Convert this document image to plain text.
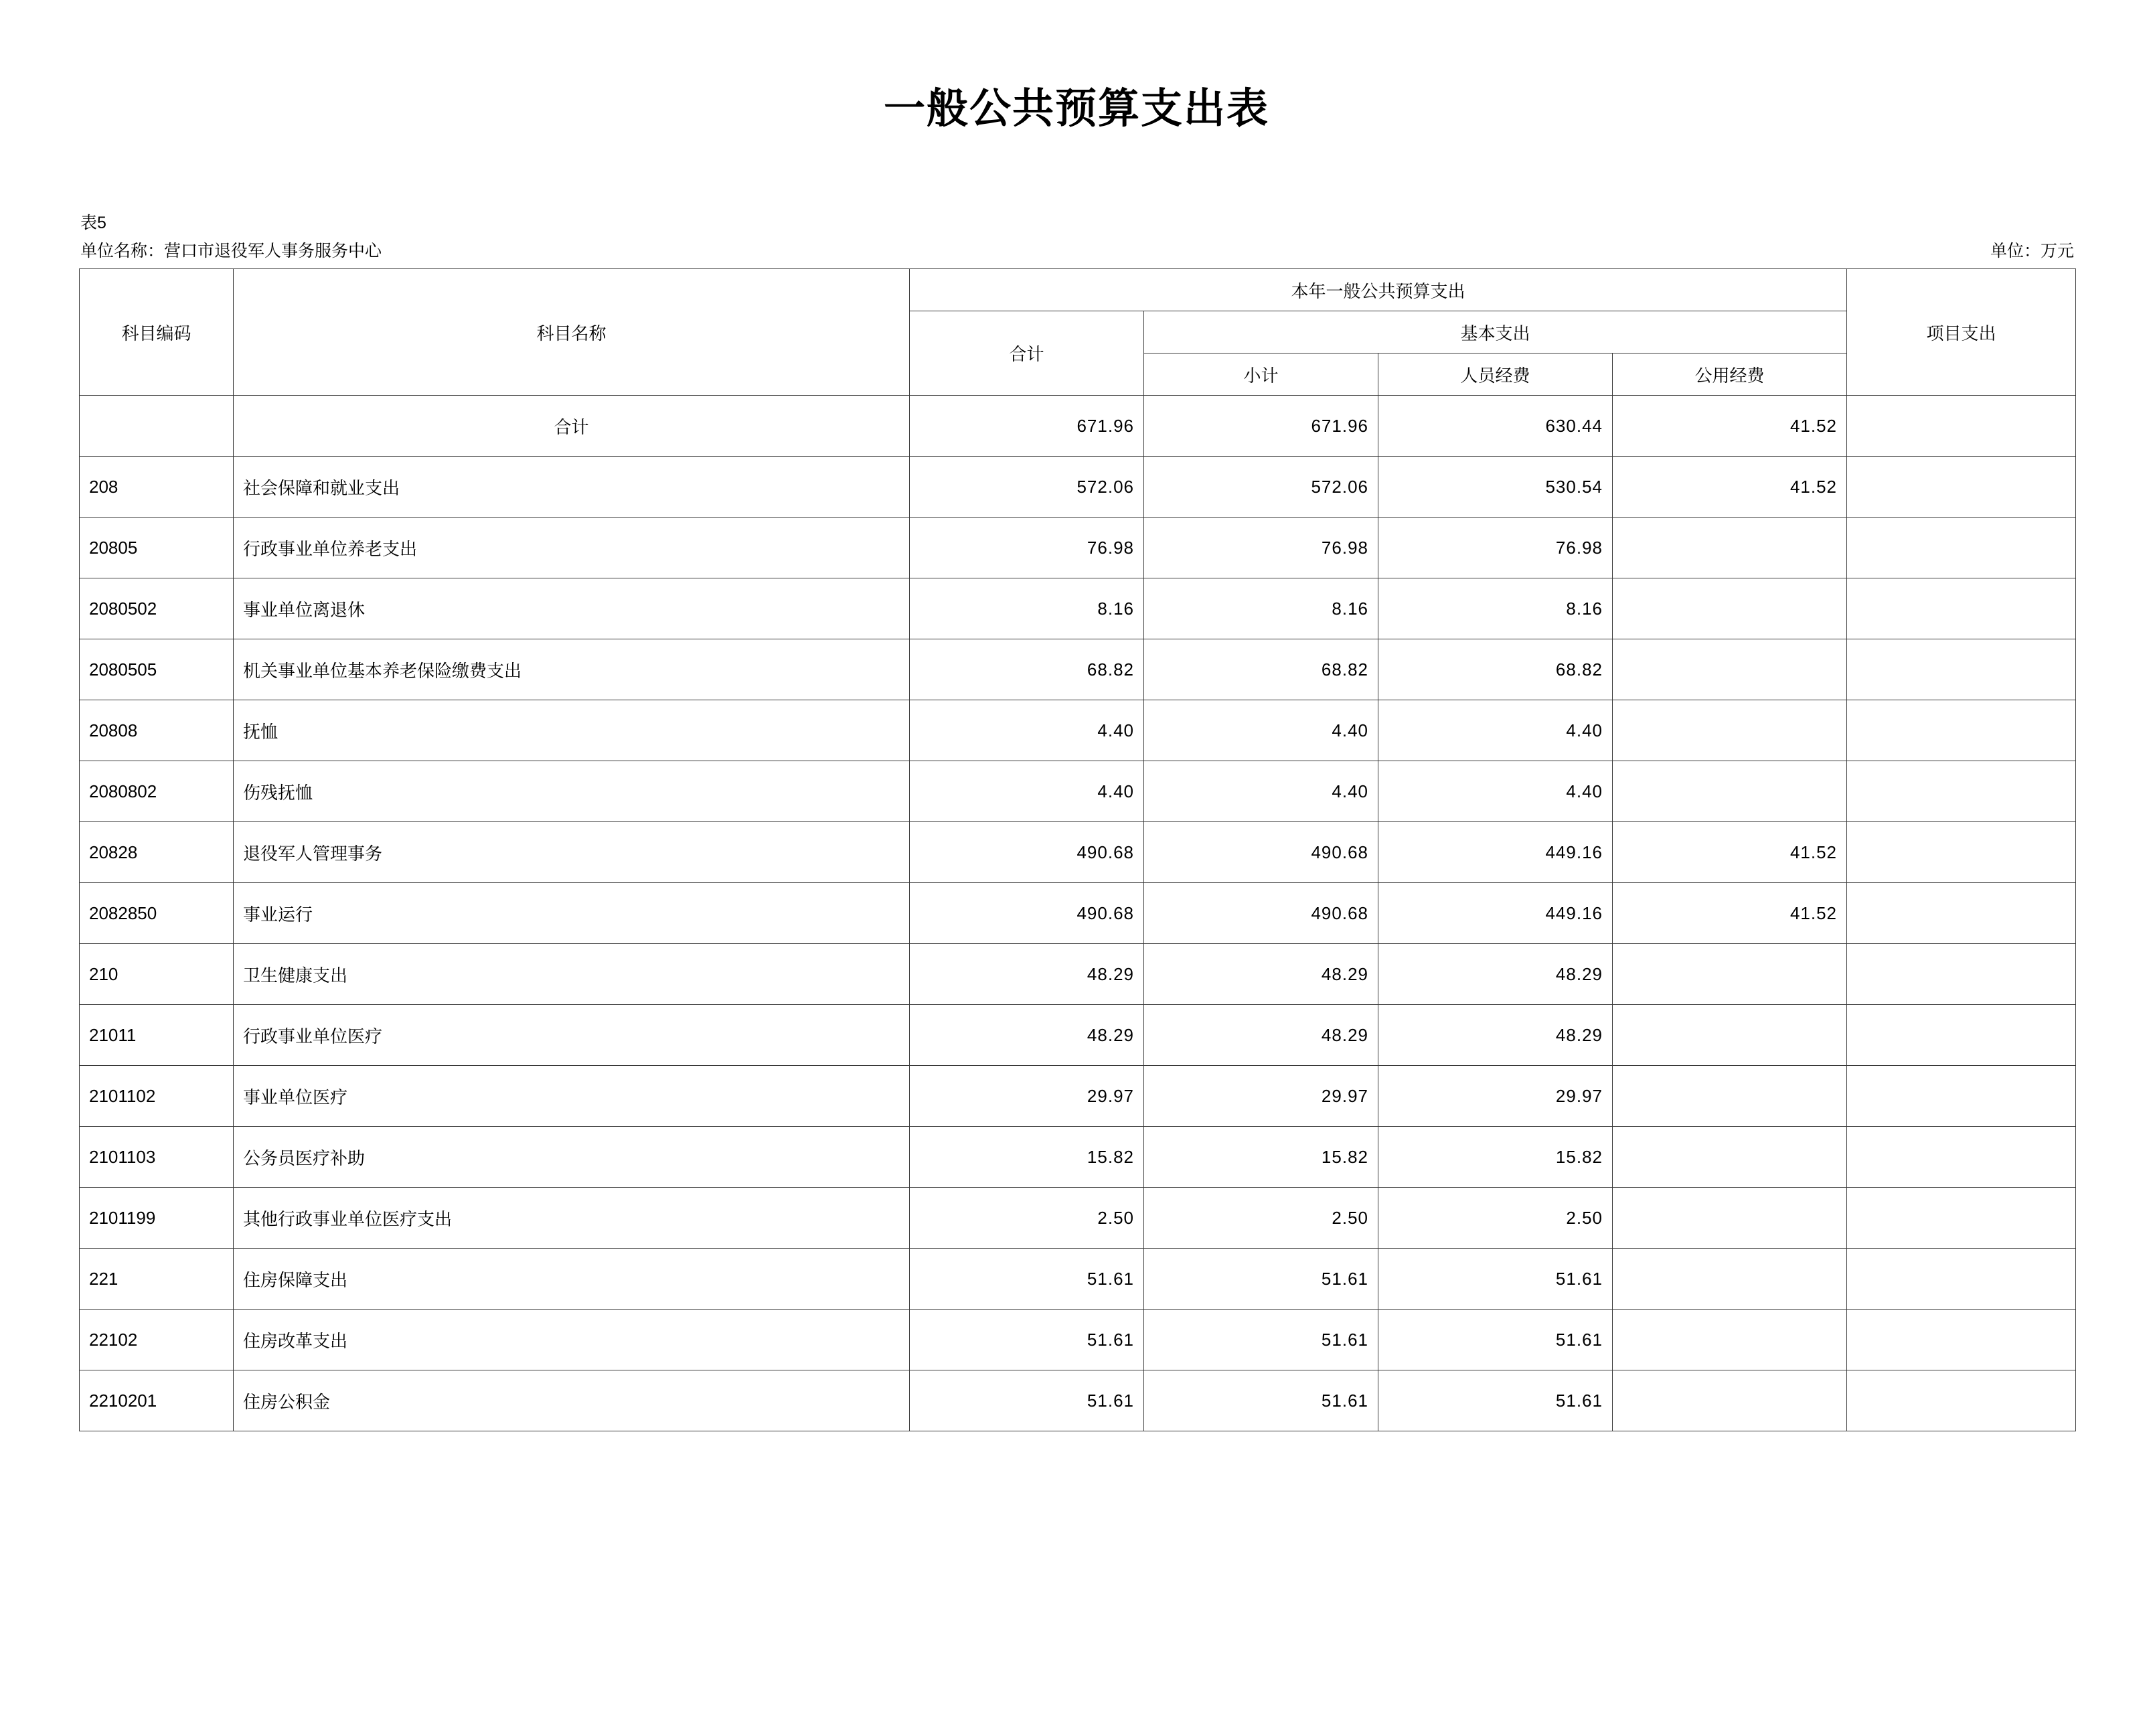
一般公共预算支出表
表5
单位名称：营口市退役军人事务服务中心	单位：万元
科目编码	科目名称	本年一般公共预算支出				项目支出
		合计	基本支出			
			小计	人员经费	公用经费	
	合计	671.96	671.96	630.44	41.52	
208	社会保障和就业支出	572.06	572.06	530.54	41.52	
20805	行政事业单位养老支出	76.98	76.98	76.98		
2080502	事业单位离退休	8.16	8.16	8.16		
2080505	机关事业单位基本养老保险缴费支出	68.82	68.82	68.82		
20808	抚恤	4.40	4.40	4.40		
2080802	伤残抚恤	4.40	4.40	4.40		
20828	退役军人管理事务	490.68	490.68	449.16	41.52	
2082850	事业运行	490.68	490.68	449.16	41.52	
210	卫生健康支出	48.29	48.29	48.29		
21011	行政事业单位医疗	48.29	48.29	48.29		
2101102	事业单位医疗	29.97	29.97	29.97		
2101103	公务员医疗补助	15.82	15.82	15.82		
2101199	其他行政事业单位医疗支出	2.50	2.50	2.50		
221	住房保障支出	51.61	51.61	51.61		
22102	住房改革支出	51.61	51.61	51.61		
2210201	住房公积金	51.61	51.61	51.61		
